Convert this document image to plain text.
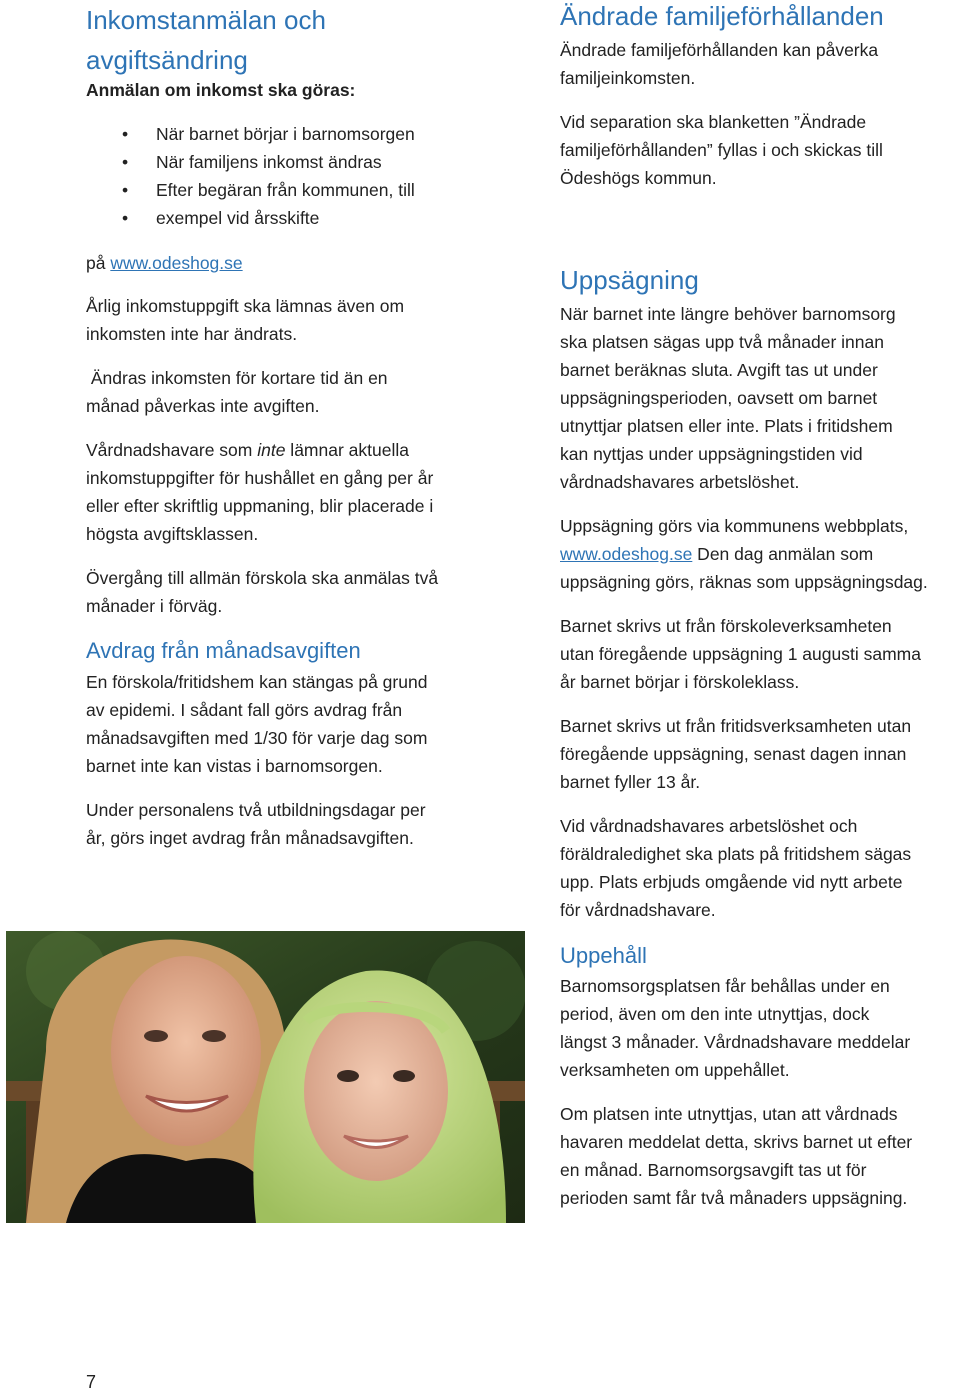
Inkomstanmälan och
avgiftsändring

Anmälan om inkomst ska göras:

• När barnet börjar i barnomsorgen
• När familjens inkomst ändras
• Efter begäran från kommunen, till
• exempel vid årsskifte

på www.odeshog.se

Årlig inkomstuppgift ska lämnas även om

inkomsten inte har ändrats.

Ändras inkomsten för kortare tid än en

månad påverkas inte avgiften.

Vårdnadshavare som inte lämnar aktuella

inkomstuppgifter för hushållet en gång per år

eller efter skriftlig uppmaning, blir placerade i

högsta avgiftsklassen.

Övergång till allmän förskola ska anmälas två

månader i förväg.

Avdrag från månadsavgiften

En förskola/fritidshem kan stängas på grund

av epidemi. I sådant fall görs avdrag från

månadsavgiften med 1/30 för varje dag som

barnet inte kan vistas i barnomsorgen.

Under personalens två utbildningsdagar per

år, görs inget avdrag från månadsavgiften.

Ändrade familjeförhållanden

Ändrade familjeförhållanden kan påverka

familjeinkomsten.

Vid separation ska blanketten ”Ändrade

familjeförhållanden” fyllas i och skickas till

Ödeshögs kommun.

Uppsägning

När barnet inte längre behöver barnomsorg

ska platsen sägas upp två månader innan

barnet beräknas sluta. Avgift tas ut under

uppsägningsperioden, oavsett om barnet

utnyttjar platsen eller inte. Plats i fritidshem

kan nyttjas under uppsägningstiden vid

vårdnadshavares arbetslöshet.

Uppsägning görs via kommunens webbplats,

www.odeshog.se Den dag anmälan som

uppsägning görs, räknas som uppsägningsdag.

Barnet skrivs ut från förskoleverksamheten

utan föregående uppsägning 1 augusti samma

år barnet börjar i förskoleklass.

Barnet skrivs ut från fritidsverksamheten utan

föregående uppsägning, senast dagen innan

barnet fyller 13 år.

Vid vårdnadshavares arbetslöshet och

föräldraledighet ska plats på fritidshem sägas

upp. Plats erbjuds omgående vid nytt arbete

för vårdnadshavare.

Uppehåll

Barnomsorgsplatsen får behållas under en

period, även om den inte utnyttjas, dock

längst 3 månader. Vårdnadshavare meddelar

verksamheten om uppehållet.

Om platsen inte utnyttjas, utan att vårdnads

havaren meddelat detta, skrivs barnet ut efter

en månad. Barnomsorgsavgift tas ut för

perioden samt får två månaders uppsägning.

7
